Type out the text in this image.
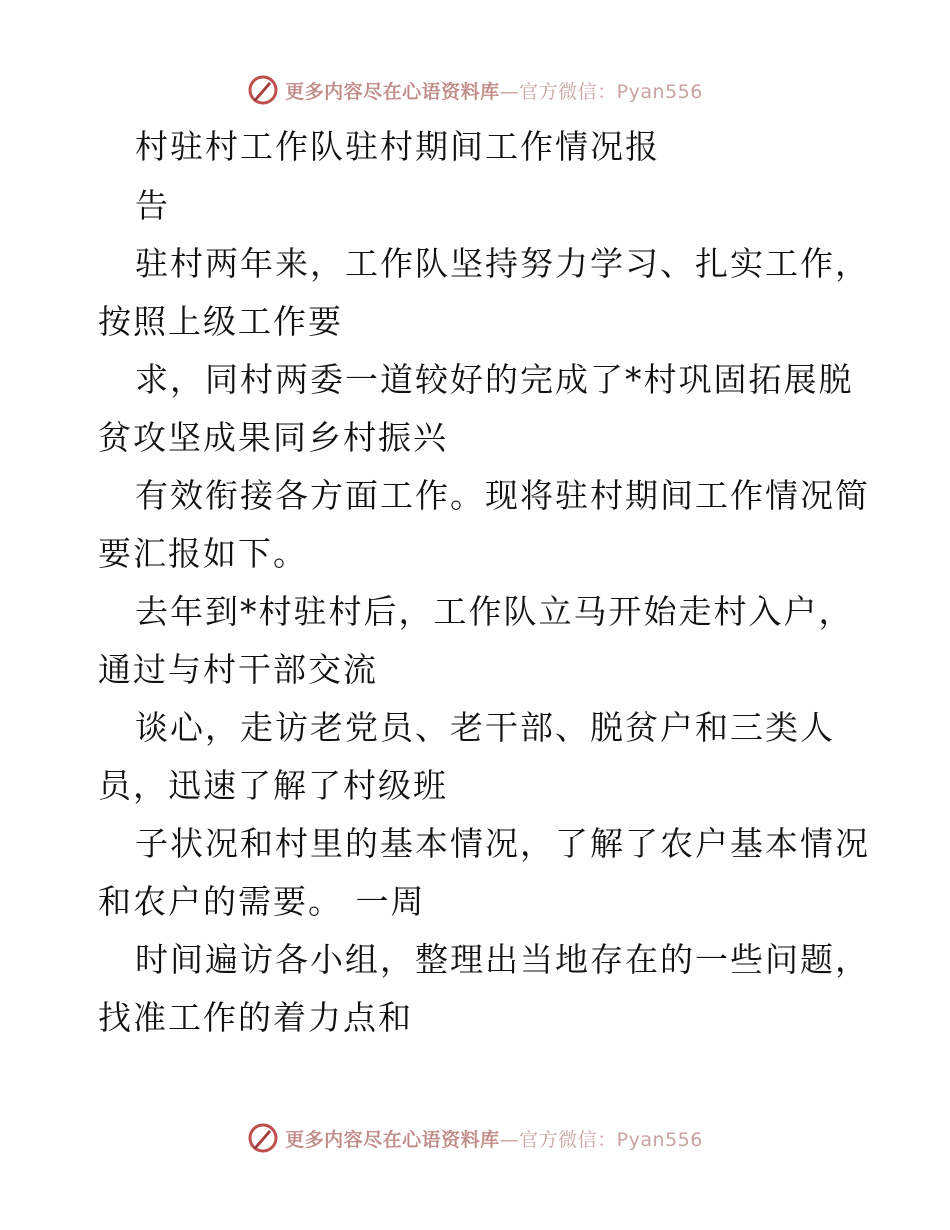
更多内容尽在心语资料库—官方微信：Pyan556
村驻村工作队驻村期间工作情况报
告
驻村两年来，工作队坚持努力学习、扎实工作，
按照上级工作要
求，同村两委一道较好的完成了*村巩固拓展脱
贫攻坚成果同乡村振兴
有效衔接各方面工作。现将驻村期间工作情况简
要汇报如下。
去年到*村驻村后，工作队立马开始走村入户，
通过与村干部交流
谈心，走访老党员、老干部、脱贫户和三类人
员，迅速了解了村级班
子状况和村里的基本情况，了解了农户基本情况
和农户的需要。 一周
时间遍访各小组，整理出当地存在的一些问题，
找准工作的着力点和
更多内容尽在心语资料库—官方微信：Pyan556
